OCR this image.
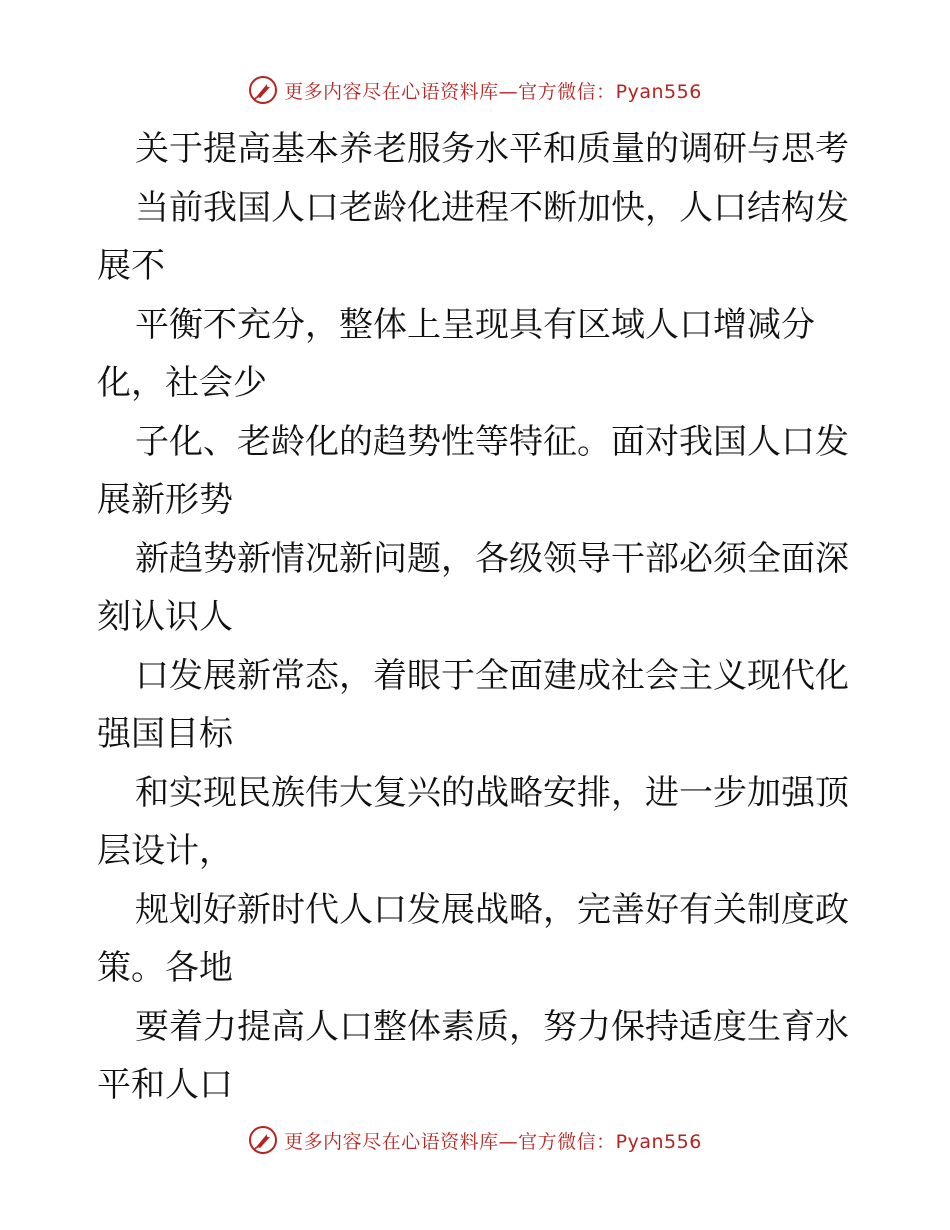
更多内容尽在心语资料库—官方微信：Pyan556

关于提高基本养老服务水平和质量的调研与思考

当前我国人口老龄化进程不断加快，人口结构发

展不

平衡不充分，整体上呈现具有区域人口增减分

化，社会少

子化、老龄化的趋势性等特征。面对我国人口发

展新形势

新趋势新情况新问题，各级领导干部必须全面深

刻认识人

口发展新常态，着眼于全面建成社会主义现代化

强国目标

和实现民族伟大复兴的战略安排，进一步加强顶

层设计，

规划好新时代人口发展战略，完善好有关制度政

策。各地

要着力提高人口整体素质，努力保持适度生育水

平和人口

更多内容尽在心语资料库—官方微信：Pyan556
